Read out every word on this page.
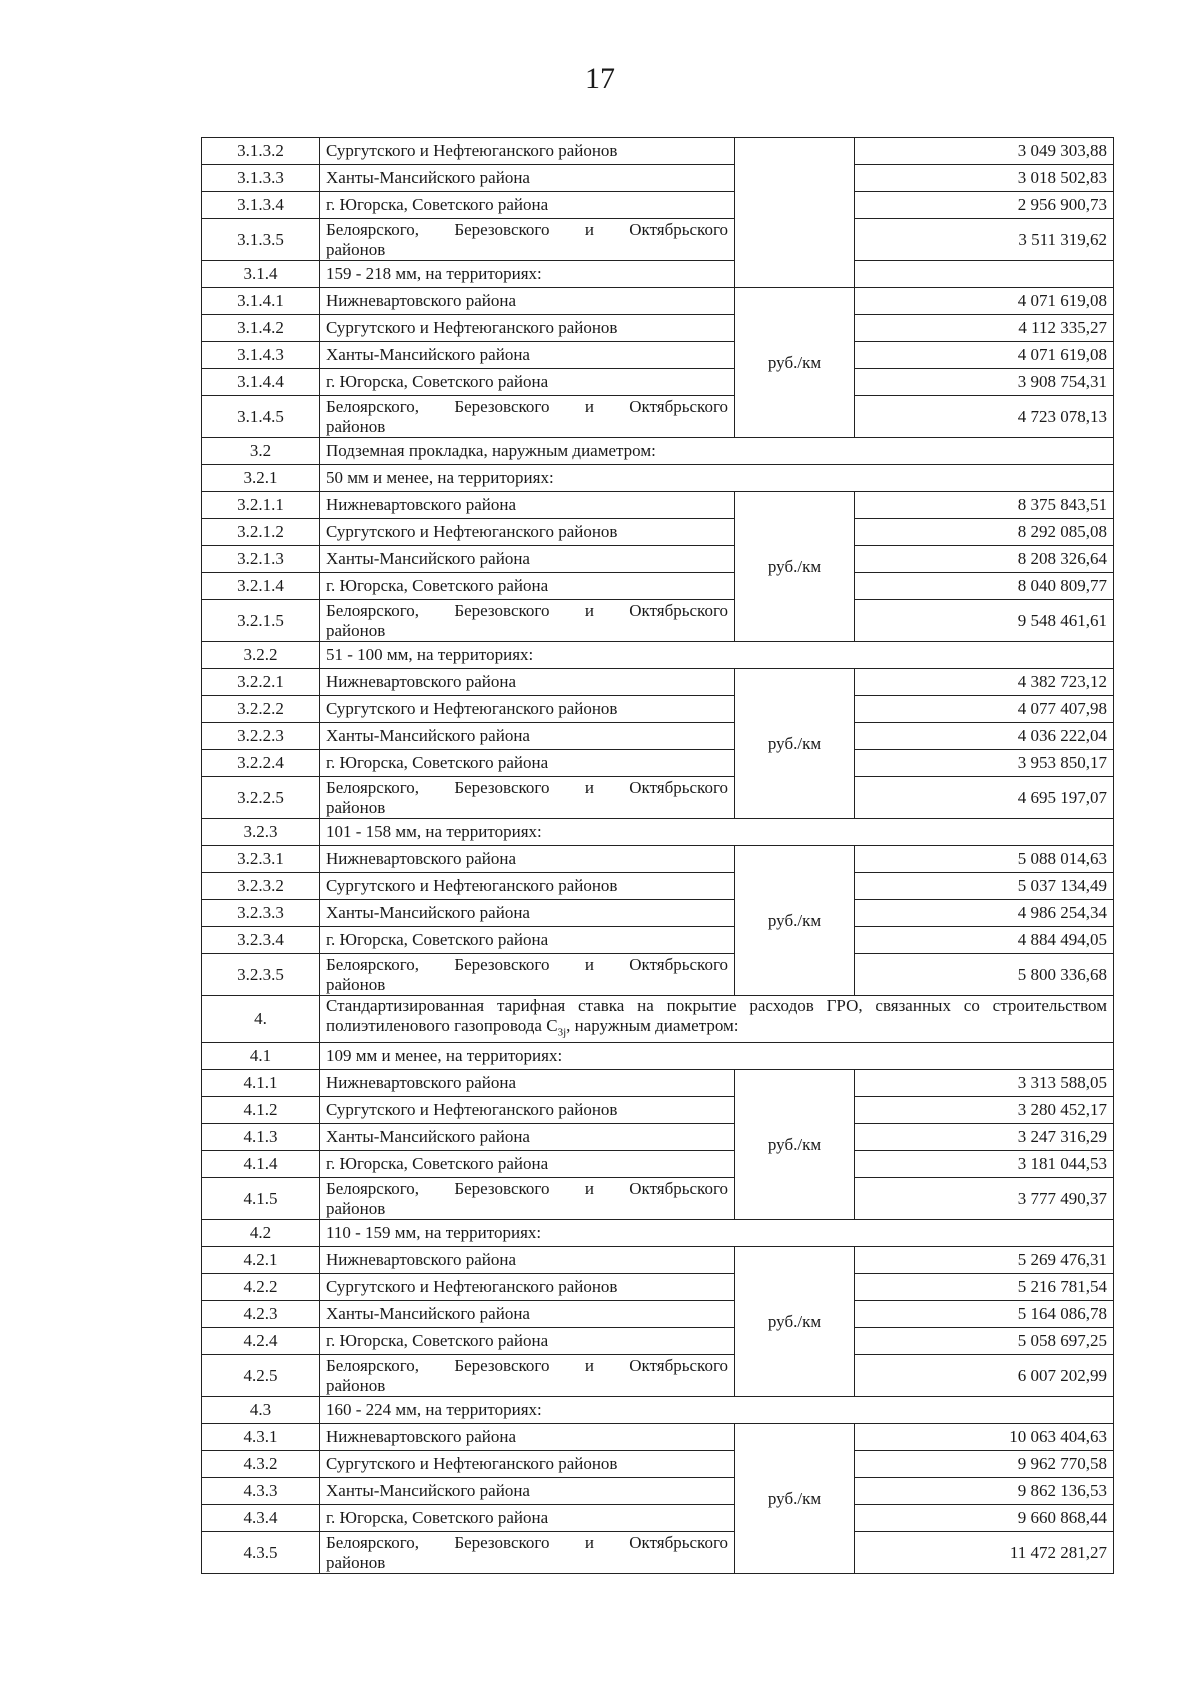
17
3.1.3.2	Сургутского и Нефтеюганского районов		3 049 303,88
3.1.3.3	Ханты-Мансийского района		3 018 502,83
3.1.3.4	г. Югорска, Советского района		2 956 900,73
3.1.3.5	Белоярского, Березовского и Октябрьского
районов		3 511 319,62
3.1.4	159 - 218 мм, на территориях:		
3.1.4.1	Нижневартовского района	руб./км	4 071 619,08
3.1.4.2	Сургутского и Нефтеюганского районов		4 112 335,27
3.1.4.3	Ханты-Мансийского района		4 071 619,08
3.1.4.4	г. Югорска, Советского района		3 908 754,31
3.1.4.5	Белоярского, Березовского и Октябрьского
районов		4 723 078,13
3.2	Подземная прокладка, наружным диаметром:		
3.2.1	50 мм и менее, на территориях:		
3.2.1.1	Нижневартовского района	руб./км	8 375 843,51
3.2.1.2	Сургутского и Нефтеюганского районов		8 292 085,08
3.2.1.3	Ханты-Мансийского района		8 208 326,64
3.2.1.4	г. Югорска, Советского района		8 040 809,77
3.2.1.5	Белоярского, Березовского и Октябрьского
районов		9 548 461,61
3.2.2	51 - 100 мм, на территориях:		
3.2.2.1	Нижневартовского района	руб./км	4 382 723,12
3.2.2.2	Сургутского и Нефтеюганского районов		4 077 407,98
3.2.2.3	Ханты-Мансийского района		4 036 222,04
3.2.2.4	г. Югорска, Советского района		3 953 850,17
3.2.2.5	Белоярского, Березовского и Октябрьского
районов		4 695 197,07
3.2.3	101 - 158 мм, на территориях:		
3.2.3.1	Нижневартовского района	руб./км	5 088 014,63
3.2.3.2	Сургутского и Нефтеюганского районов		5 037 134,49
3.2.3.3	Ханты-Мансийского района		4 986 254,34
3.2.3.4	г. Югорска, Советского района		4 884 494,05
3.2.3.5	Белоярского, Березовского и Октябрьского
районов		5 800 336,68
4.	Стандартизированная тарифная ставка на покрытие расходов ГРО, связанных со строительством
полиэтиленового газопровода $C_{3j}$, наружным диаметром:		
4.1	109 мм и менее, на территориях:		
4.1.1	Нижневартовского района	руб./км	3 313 588,05
4.1.2	Сургутского и Нефтеюганского районов		3 280 452,17
4.1.3	Ханты-Мансийского района		3 247 316,29
4.1.4	г. Югорска, Советского района		3 181 044,53
4.1.5	Белоярского, Березовского и Октябрьского
районов		3 777 490,37
4.2	110 - 159 мм, на территориях:		
4.2.1	Нижневартовского района	руб./км	5 269 476,31
4.2.2	Сургутского и Нефтеюганского районов		5 216 781,54
4.2.3	Ханты-Мансийского района		5 164 086,78
4.2.4	г. Югорска, Советского района		5 058 697,25
4.2.5	Белоярского, Березовского и Октябрьского
районов		6 007 202,99
4.3	160 - 224 мм, на территориях:		
4.3.1	Нижневартовского района	руб./км	10 063 404,63
4.3.2	Сургутского и Нефтеюганского районов		9 962 770,58
4.3.3	Ханты-Мансийского района		9 862 136,53
4.3.4	г. Югорска, Советского района		9 660 868,44
4.3.5	Белоярского, Березовского и Октябрьского
районов		11 472 281,27
